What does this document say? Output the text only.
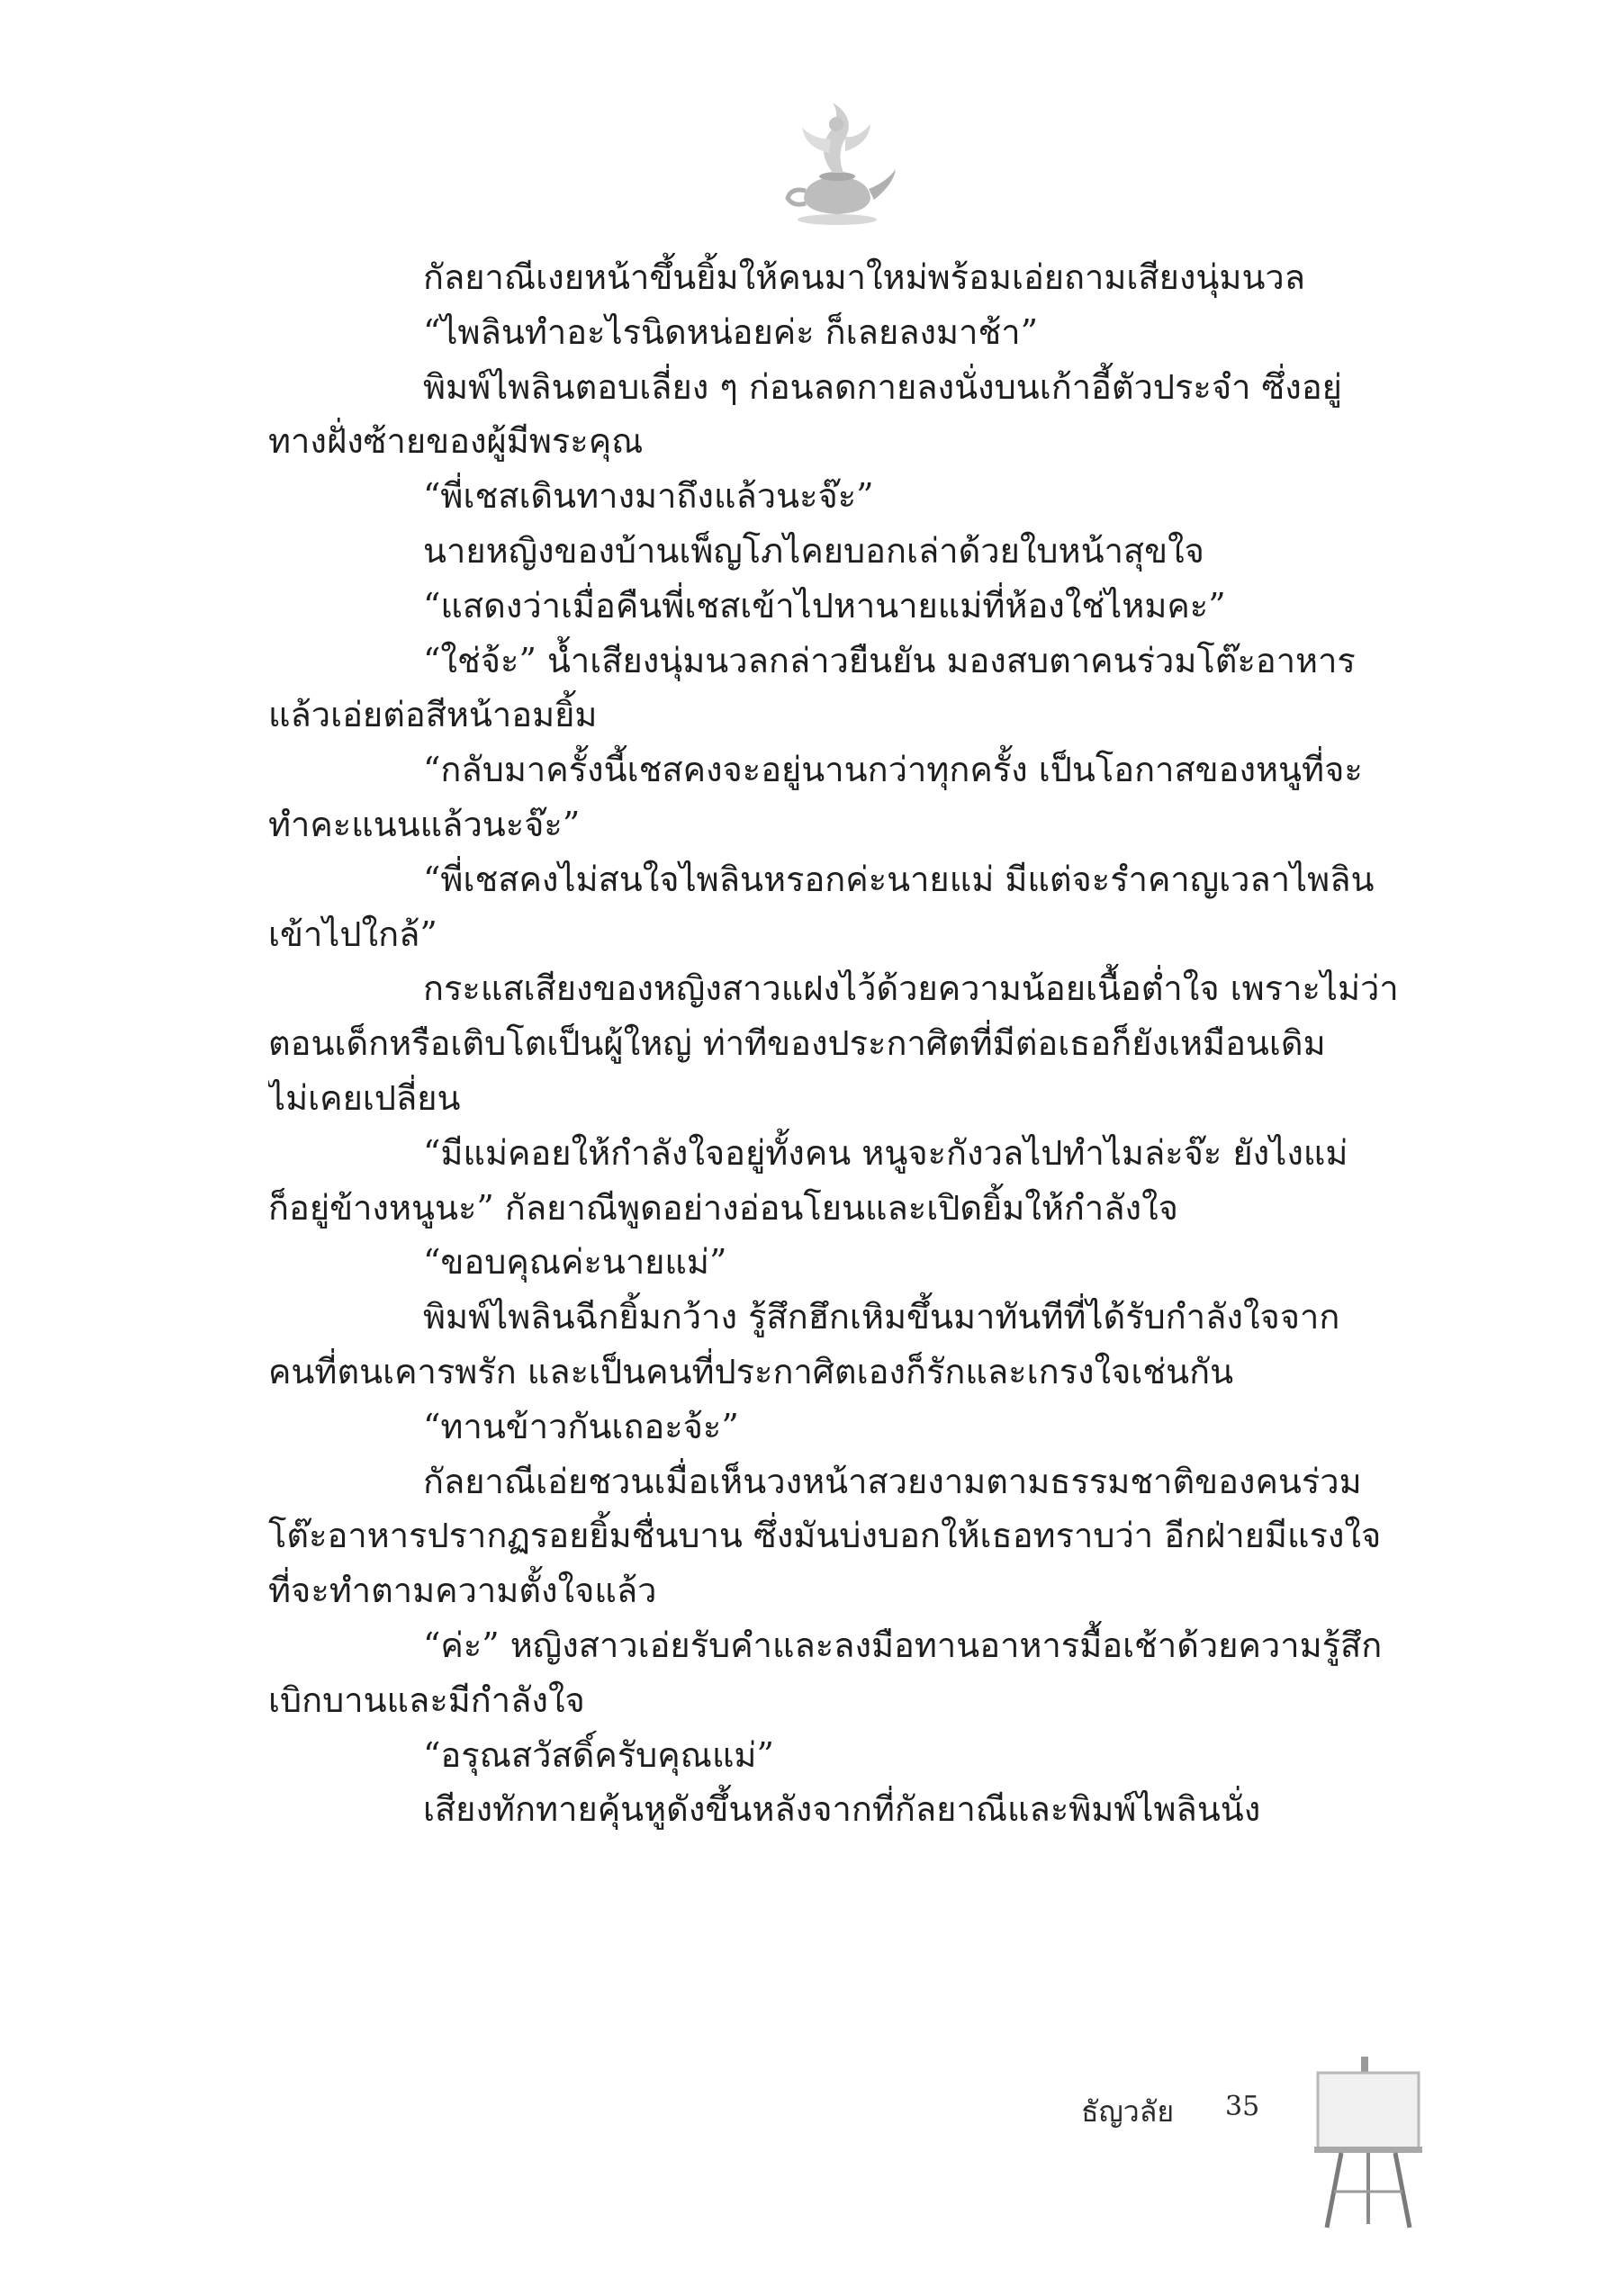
กัลยาณีเงยหน้าขึ้นยิ้มให้คนมาใหม่พร้อมเอ่ยถามเสียงนุ่มนวล
“ไพลินทำอะไรนิดหน่อยค่ะ ก็เลยลงมาช้า”
พิมพ์ไพลินตอบเลี่ยง ๆ ก่อนลดกายลงนั่งบนเก้าอี้ตัวประจำ ซึ่งอยู่
ทางฝั่งซ้ายของผู้มีพระคุณ
“พี่เชสเดินทางมาถึงแล้วนะจ๊ะ”
นายหญิงของบ้านเพ็ญโภไคยบอกเล่าด้วยใบหน้าสุขใจ
“แสดงว่าเมื่อคืนพี่เชสเข้าไปหานายแม่ที่ห้องใช่ไหมคะ”
“ใช่จ้ะ” น้ำเสียงนุ่มนวลกล่าวยืนยัน มองสบตาคนร่วมโต๊ะอาหาร
แล้วเอ่ยต่อสีหน้าอมยิ้ม
“กลับมาครั้งนี้เชสคงจะอยู่นานกว่าทุกครั้ง เป็นโอกาสของหนูที่จะ
ทำคะแนนแล้วนะจ๊ะ”
“พี่เชสคงไม่สนใจไพลินหรอกค่ะนายแม่ มีแต่จะรำคาญเวลาไพลิน
เข้าไปใกล้”
กระแสเสียงของหญิงสาวแฝงไว้ด้วยความน้อยเนื้อต่ำใจ เพราะไม่ว่า
ตอนเด็กหรือเติบโตเป็นผู้ใหญ่ ท่าทีของประกาศิตที่มีต่อเธอก็ยังเหมือนเดิม
ไม่เคยเปลี่ยน
“มีแม่คอยให้กำลังใจอยู่ทั้งคน หนูจะกังวลไปทำไมล่ะจ๊ะ ยังไงแม่
ก็อยู่ข้างหนูนะ” กัลยาณีพูดอย่างอ่อนโยนและเปิดยิ้มให้กำลังใจ
“ขอบคุณค่ะนายแม่”
พิมพ์ไพลินฉีกยิ้มกว้าง รู้สึกฮึกเหิมขึ้นมาทันทีที่ได้รับกำลังใจจาก
คนที่ตนเคารพรัก และเป็นคนที่ประกาศิตเองก็รักและเกรงใจเช่นกัน
“ทานข้าวกันเถอะจ้ะ”
กัลยาณีเอ่ยชวนเมื่อเห็นวงหน้าสวยงามตามธรรมชาติของคนร่วม
โต๊ะอาหารปรากฏรอยยิ้มชื่นบาน ซึ่งมันบ่งบอกให้เธอทราบว่า อีกฝ่ายมีแรงใจ
ที่จะทำตามความตั้งใจแล้ว
“ค่ะ” หญิงสาวเอ่ยรับคำและลงมือทานอาหารมื้อเช้าด้วยความรู้สึก
เบิกบานและมีกำลังใจ
“อรุณสวัสดิ์ครับคุณแม่”
เสียงทักทายคุ้นหูดังขึ้นหลังจากที่กัลยาณีและพิมพ์ไพลินนั่ง
ธัญวลัย 35
